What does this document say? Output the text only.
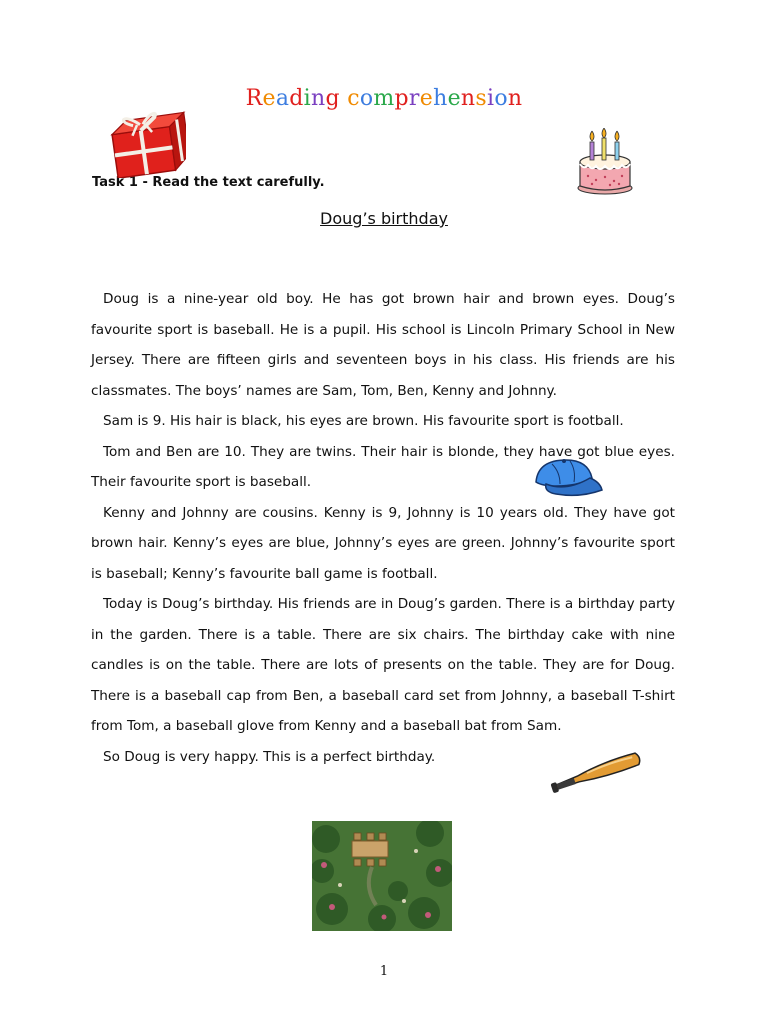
Reading comprehension
Task 1 - Read the text carefully.
Doug’s birthday

Doug is a nine-year old boy. He has got brown hair and brown eyes. Doug’s favourite sport is baseball. He is a pupil. His school is Lincoln Primary School in New Jersey. There are fifteen girls and seventeen boys in his class. His friends are his classmates. The boys’ names are Sam, Tom, Ben, Kenny and Johnny.

Sam is 9. His hair is black, his eyes are brown. His favourite sport is football.

Tom and Ben are 10. They are twins. Their hair is blonde, they have got blue eyes. Their favourite sport is baseball.

Kenny and Johnny are cousins. Kenny is 9, Johnny is 10 years old. They have got brown hair. Kenny’s eyes are blue, Johnny’s eyes are green. Johnny’s favourite sport is baseball; Kenny’s favourite ball game is football.

Today is Doug’s birthday. His friends are in Doug’s garden. There is a birthday party in the garden. There is a table. There are six chairs. The birthday cake with nine candles is on the table. There are lots of presents on the table. They are for Doug. There is a baseball cap from Ben, a baseball card set from Johnny, a baseball T-shirt from Tom, a baseball glove from Kenny and a baseball bat from Sam.

So Doug is very happy. This is a perfect birthday.

1
